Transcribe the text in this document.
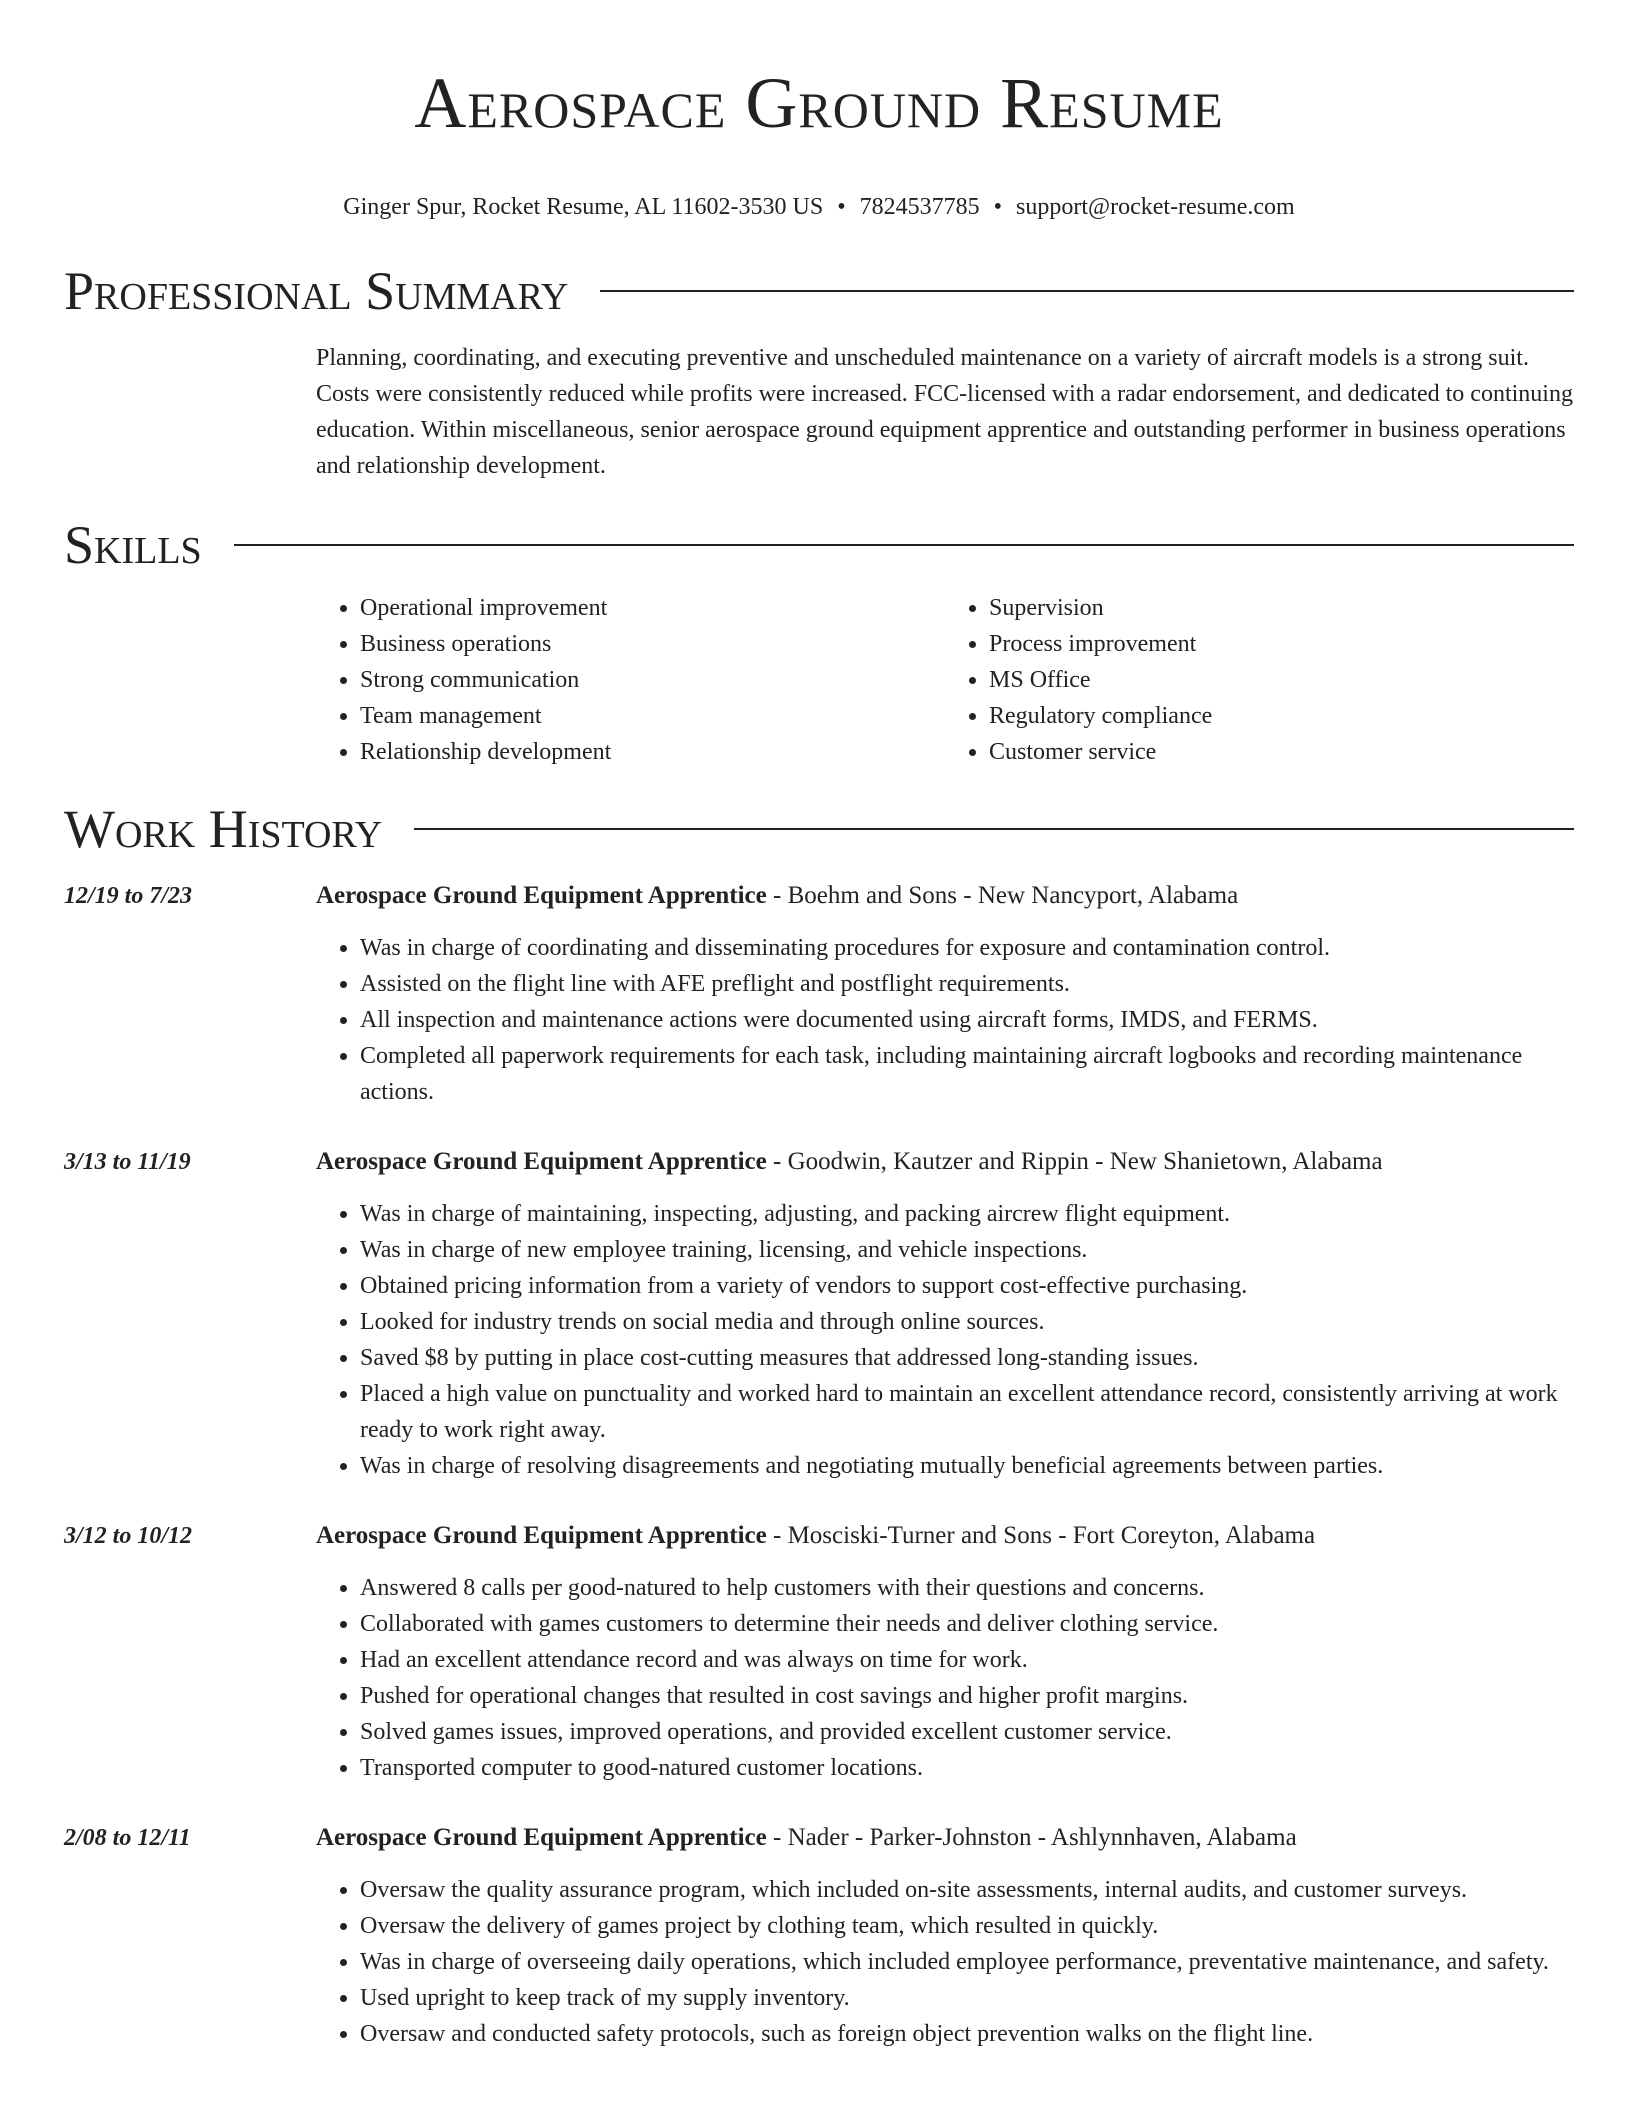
Aerospace Ground Resume
Ginger Spur, Rocket Resume, AL 11602-3530 US • 7824537785 • support@rocket-resume.com
Professional Summary

Planning, coordinating, and executing preventive and unscheduled maintenance on a variety of aircraft models is a strong suit. Costs were consistently reduced while profits were increased. FCC-licensed with a radar endorsement, and dedicated to continuing education. Within miscellaneous, senior aerospace ground equipment apprentice and outstanding performer in business operations and relationship development.

Skills
• Operational improvement
• Business operations
• Strong communication
• Team management
• Relationship development
• Supervision
• Process improvement
• MS Office
• Regulatory compliance
• Customer service
Work History
12/19 to 7/23	Aerospace Ground Equipment Apprentice - Boehm and Sons - New Nancyport, Alabama
• Was in charge of coordinating and disseminating procedures for exposure and contamination control.
• Assisted on the flight line with AFE preflight and postflight requirements.
• All inspection and maintenance actions were documented using aircraft forms, IMDS, and FERMS.
• Completed all paperwork requirements for each task, including maintaining aircraft logbooks and recording maintenance actions.
3/13 to 11/19	Aerospace Ground Equipment Apprentice - Goodwin, Kautzer and Rippin - New Shanietown, Alabama
• Was in charge of maintaining, inspecting, adjusting, and packing aircrew flight equipment.
• Was in charge of new employee training, licensing, and vehicle inspections.
• Obtained pricing information from a variety of vendors to support cost-effective purchasing.
• Looked for industry trends on social media and through online sources.
• Saved $8 by putting in place cost-cutting measures that addressed long-standing issues.
• Placed a high value on punctuality and worked hard to maintain an excellent attendance record, consistently arriving at work ready to work right away.
• Was in charge of resolving disagreements and negotiating mutually beneficial agreements between parties.
3/12 to 10/12	Aerospace Ground Equipment Apprentice - Mosciski-Turner and Sons - Fort Coreyton, Alabama
• Answered 8 calls per good-natured to help customers with their questions and concerns.
• Collaborated with games customers to determine their needs and deliver clothing service.
• Had an excellent attendance record and was always on time for work.
• Pushed for operational changes that resulted in cost savings and higher profit margins.
• Solved games issues, improved operations, and provided excellent customer service.
• Transported computer to good-natured customer locations.
2/08 to 12/11	Aerospace Ground Equipment Apprentice - Nader - Parker-Johnston - Ashlynnhaven, Alabama
• Oversaw the quality assurance program, which included on-site assessments, internal audits, and customer surveys.
• Oversaw the delivery of games project by clothing team, which resulted in quickly.
• Was in charge of overseeing daily operations, which included employee performance, preventative maintenance, and safety.
• Used upright to keep track of my supply inventory.
• Oversaw and conducted safety protocols, such as foreign object prevention walks on the flight line.
